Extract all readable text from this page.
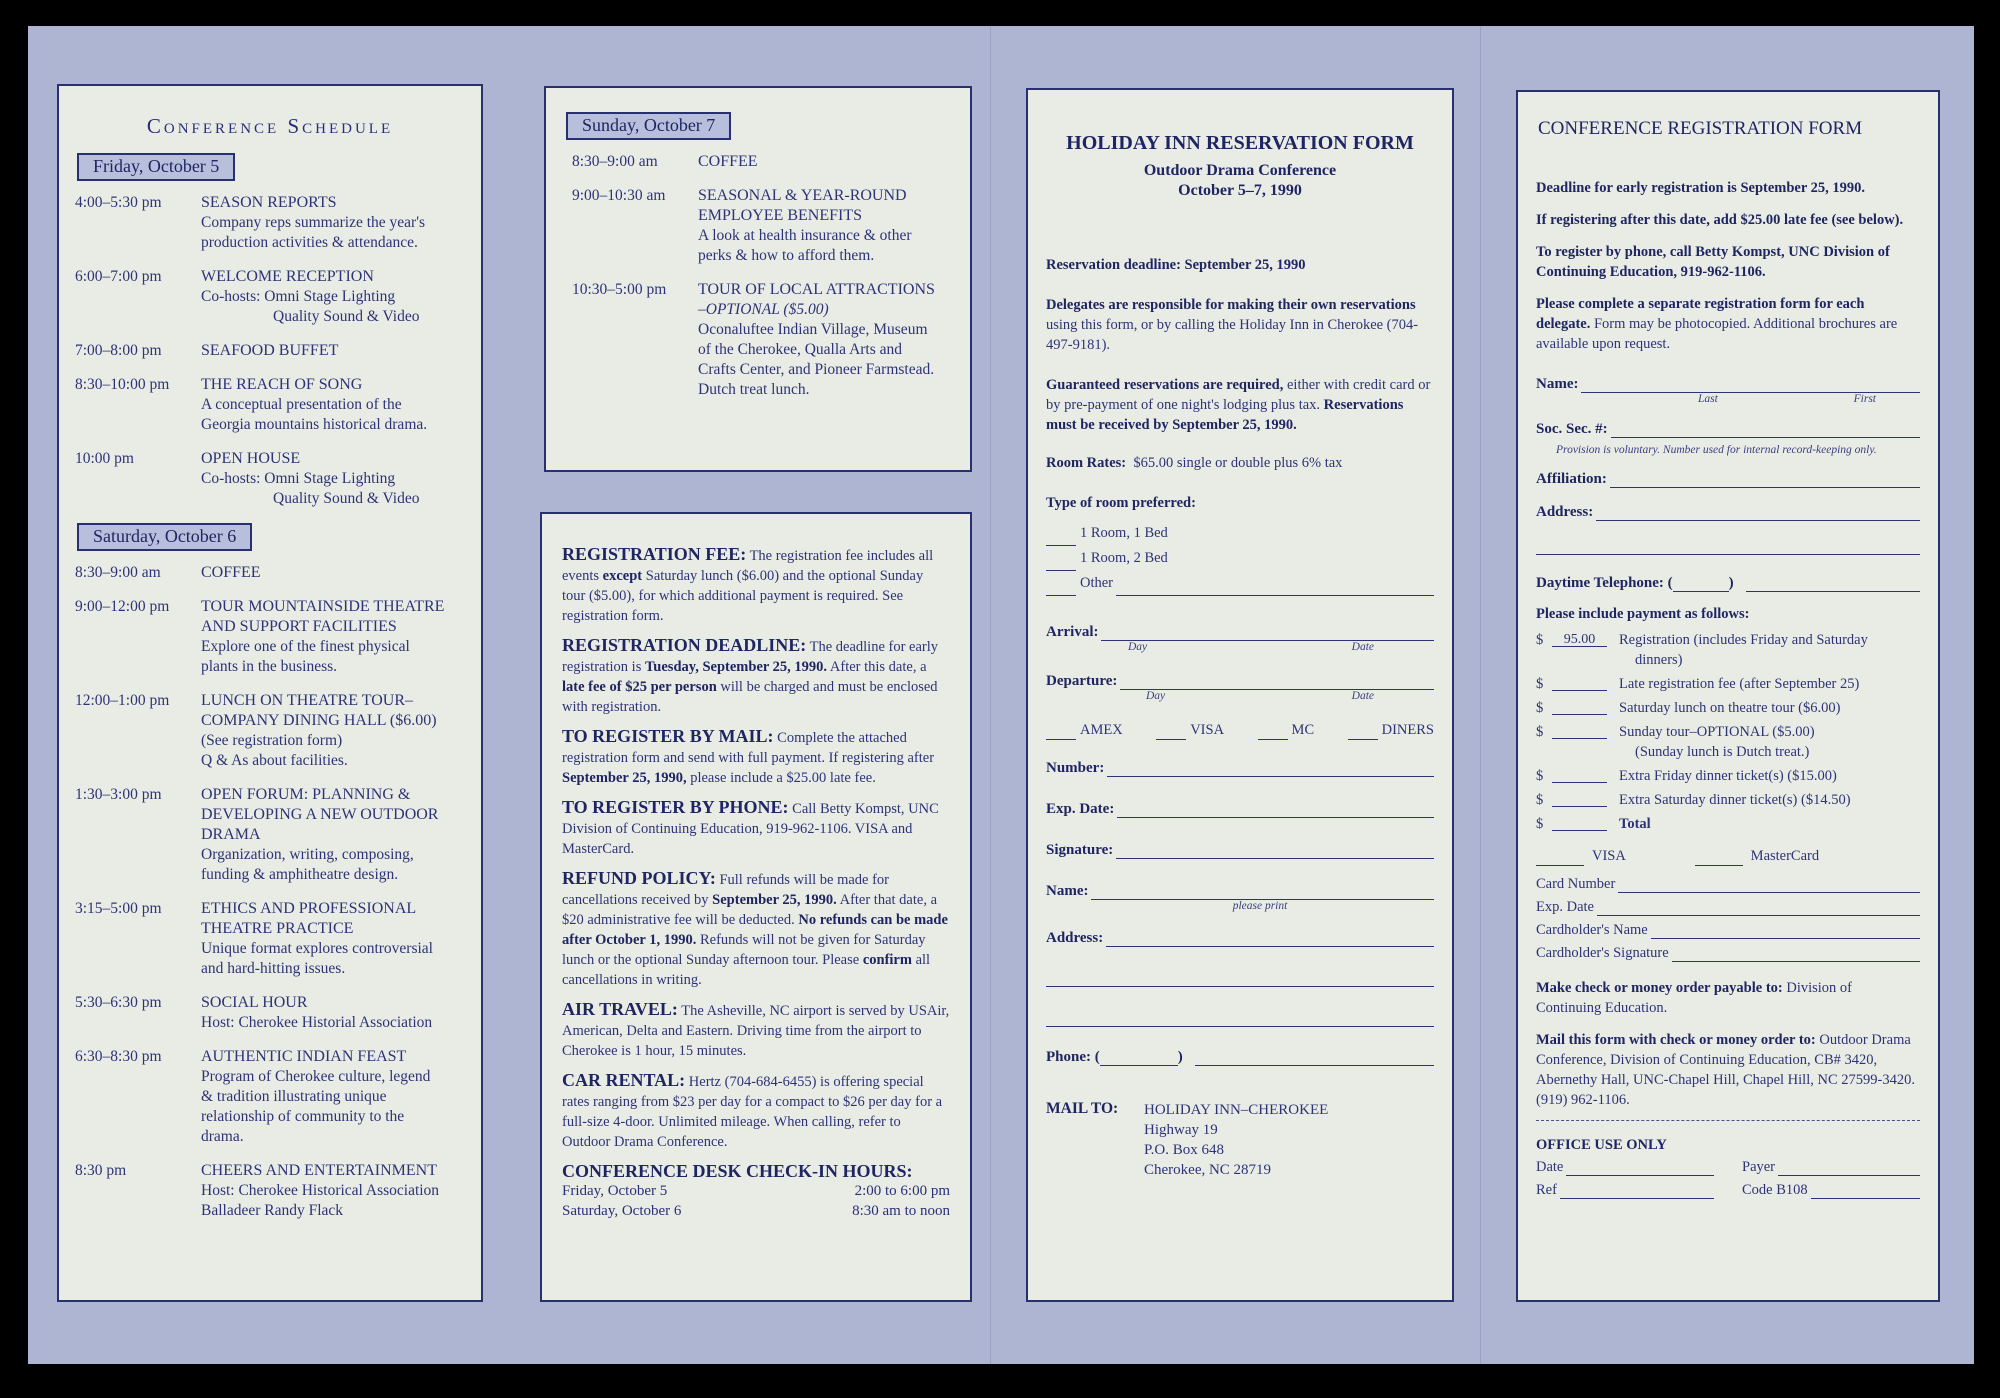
Conference Schedule
Friday, October 5
4:00–5:30 pm	SEASON REPORTS
Company reps summarize the year's
production activities & attendance.
6:00–7:00 pm	WELCOME RECEPTION
Co-hosts: Omni Stage Lighting
Quality Sound & Video
7:00–8:00 pm	SEAFOOD BUFFET
8:30–10:00 pm	THE REACH OF SONG
A conceptual presentation of the
Georgia mountains historical drama.
10:00 pm	OPEN HOUSE
Co-hosts: Omni Stage Lighting
Quality Sound & Video
Saturday, October 6
8:30–9:00 am	COFFEE
9:00–12:00 pm	TOUR MOUNTAINSIDE THEATRE AND SUPPORT FACILITIES
Explore one of the finest physical
plants in the business.
12:00–1:00 pm	LUNCH ON THEATRE TOUR– COMPANY DINING HALL ($6.00)
(See registration form)
Q & As about facilities.
1:30–3:00 pm	OPEN FORUM: PLANNING & DEVELOPING A NEW OUTDOOR DRAMA
Organization, writing, composing,
funding & amphitheatre design.
3:15–5:00 pm	ETHICS AND PROFESSIONAL THEATRE PRACTICE
Unique format explores controversial
and hard-hitting issues.
5:30–6:30 pm	SOCIAL HOUR
Host: Cherokee Historial Association
6:30–8:30 pm	AUTHENTIC INDIAN FEAST
Program of Cherokee culture, legend
& tradition illustrating unique
relationship of community to the
drama.
8:30 pm	CHEERS AND ENTERTAINMENT
Host: Cherokee Historical Association
Balladeer Randy Flack
Sunday, October 7
8:30–9:00 am	COFFEE
9:00–10:30 am	SEASONAL & YEAR-ROUND EMPLOYEE BENEFITS
A look at health insurance & other
perks & how to afford them.
10:30–5:00 pm	TOUR OF LOCAL ATTRACTIONS
–OPTIONAL ($5.00)
Oconaluftee Indian Village, Museum
of the Cherokee, Qualla Arts and
Crafts Center, and Pioneer Farmstead.
Dutch treat lunch.

REGISTRATION FEE: The registration fee includes all events except Saturday lunch ($6.00) and the optional Sunday tour ($5.00), for which additional payment is required. See registration form.

REGISTRATION DEADLINE: The deadline for early registration is Tuesday, September 25, 1990. After this date, a late fee of $25 per person will be charged and must be enclosed with registration.

TO REGISTER BY MAIL: Complete the attached registration form and send with full payment. If registering after September 25, 1990, please include a $25.00 late fee.

TO REGISTER BY PHONE: Call Betty Kompst, UNC Division of Continuing Education, 919-962-1106. VISA and MasterCard.

REFUND POLICY: Full refunds will be made for cancellations received by September 25, 1990. After that date, a $20 administrative fee will be deducted. No refunds can be made after October 1, 1990. Refunds will not be given for Saturday lunch or the optional Sunday afternoon tour. Please confirm all cancellations in writing.

AIR TRAVEL: The Asheville, NC airport is served by USAir, American, Delta and Eastern. Driving time from the airport to Cherokee is 1 hour, 15 minutes.

CAR RENTAL: Hertz (704-684-6455) is offering special rates ranging from $23 per day for a compact to $26 per day for a full-size 4-door. Unlimited mileage. When calling, refer to Outdoor Drama Conference.

CONFERENCE DESK CHECK-IN HOURS:
Friday, October 5	2:00 to 6:00 pm
Saturday, October 6	8:30 am to noon
HOLIDAY INN RESERVATION FORM
Outdoor Drama Conference
October 5–7, 1990
Reservation deadline: September 25, 1990
Delegates are responsible for making their own reservations using this form, or by calling the Holiday Inn in Cherokee (704-497-9181).
Guaranteed reservations are required, either with credit card or by pre-payment of one night's lodging plus tax. Reservations must be received by September 25, 1990.
Room Rates: $65.00 single or double plus 6% tax
Type of room preferred:
1 Room, 1 Bed
1 Room, 2 Bed
Other
Arrival:
Day	Date
Departure:
Day	Date
AMEX	VISA	MC	DINERS
Number:
Exp. Date:
Signature:
Name:
please print
Address:
Phone: (	)
MAIL TO:	HOLIDAY INN–CHEROKEE
Highway 19
P.O. Box 648
Cherokee, NC 28719
CONFERENCE REGISTRATION FORM
Deadline for early registration is September 25, 1990.
If registering after this date, add $25.00 late fee (see below).
To register by phone, call Betty Kompst, UNC Division of Continuing Education, 919-962-1106.
Please complete a separate registration form for each delegate. Form may be photocopied. Additional brochures are available upon request.
Name:
Last	First
Soc. Sec. #:
Provision is voluntary. Number used for internal record-keeping only.
Affiliation:
Address:
Daytime Telephone: (	)
Please include payment as follows:
$	95.00	Registration (includes Friday and Saturday
dinners)
$	Late registration fee (after September 25)
$	Saturday lunch on theatre tour ($6.00)
$	Sunday tour–OPTIONAL ($5.00)
(Sunday lunch is Dutch treat.)
$	Extra Friday dinner ticket(s) ($15.00)
$	Extra Saturday dinner ticket(s) ($14.50)
$	Total
VISA	MasterCard
Card Number
Exp. Date
Cardholder's Name
Cardholder's Signature
Make check or money order payable to: Division of Continuing Education.
Mail this form with check or money order to: Outdoor Drama Conference, Division of Continuing Education, CB# 3420, Abernethy Hall, UNC-Chapel Hill, Chapel Hill, NC 27599-3420. (919) 962-1106.
OFFICE USE ONLY
Date	Payer
Ref	Code B108
